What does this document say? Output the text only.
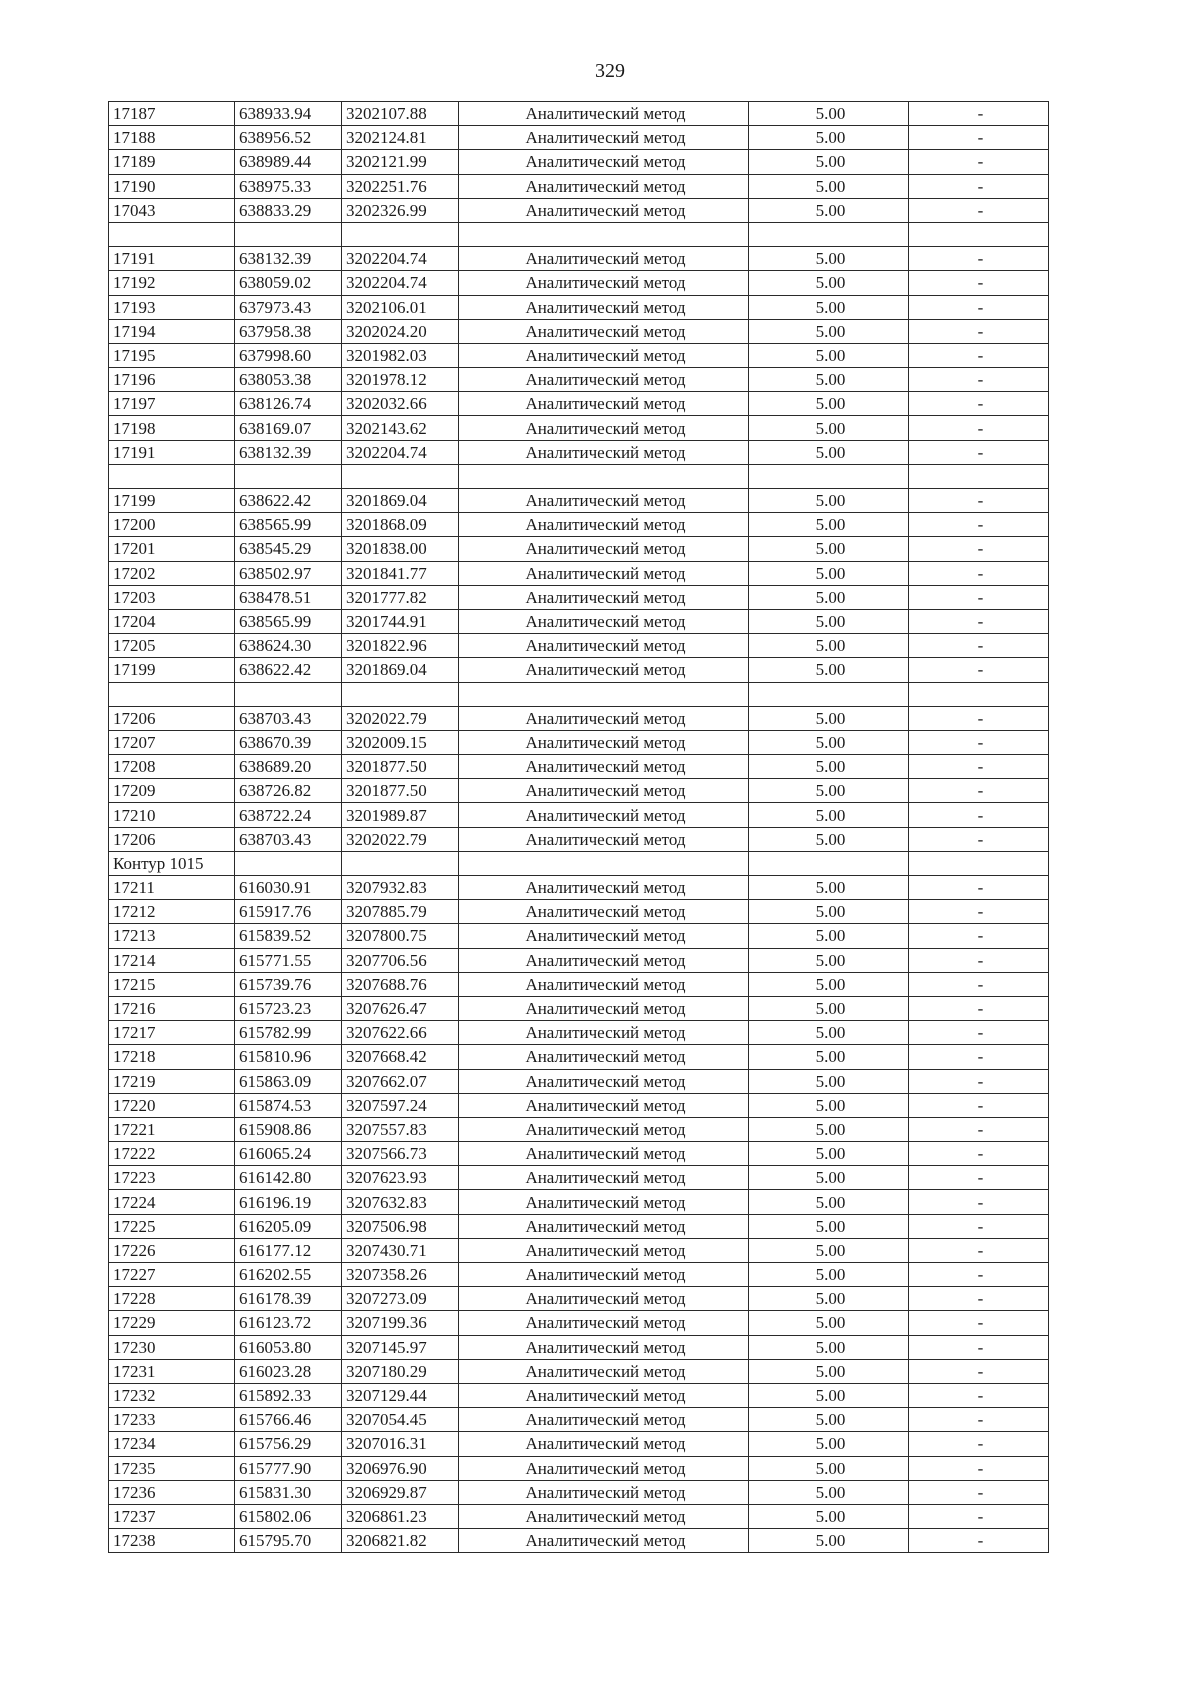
329
17187	638933.94	3202107.88	Аналитический метод	5.00	-
17188	638956.52	3202124.81	Аналитический метод	5.00	-
17189	638989.44	3202121.99	Аналитический метод	5.00	-
17190	638975.33	3202251.76	Аналитический метод	5.00	-
17043	638833.29	3202326.99	Аналитический метод	5.00	-

17191	638132.39	3202204.74	Аналитический метод	5.00	-
17192	638059.02	3202204.74	Аналитический метод	5.00	-
17193	637973.43	3202106.01	Аналитический метод	5.00	-
17194	637958.38	3202024.20	Аналитический метод	5.00	-
17195	637998.60	3201982.03	Аналитический метод	5.00	-
17196	638053.38	3201978.12	Аналитический метод	5.00	-
17197	638126.74	3202032.66	Аналитический метод	5.00	-
17198	638169.07	3202143.62	Аналитический метод	5.00	-
17191	638132.39	3202204.74	Аналитический метод	5.00	-

17199	638622.42	3201869.04	Аналитический метод	5.00	-
17200	638565.99	3201868.09	Аналитический метод	5.00	-
17201	638545.29	3201838.00	Аналитический метод	5.00	-
17202	638502.97	3201841.77	Аналитический метод	5.00	-
17203	638478.51	3201777.82	Аналитический метод	5.00	-
17204	638565.99	3201744.91	Аналитический метод	5.00	-
17205	638624.30	3201822.96	Аналитический метод	5.00	-
17199	638622.42	3201869.04	Аналитический метод	5.00	-

17206	638703.43	3202022.79	Аналитический метод	5.00	-
17207	638670.39	3202009.15	Аналитический метод	5.00	-
17208	638689.20	3201877.50	Аналитический метод	5.00	-
17209	638726.82	3201877.50	Аналитический метод	5.00	-
17210	638722.24	3201989.87	Аналитический метод	5.00	-
17206	638703.43	3202022.79	Аналитический метод	5.00	-
Контур 1015					
17211	616030.91	3207932.83	Аналитический метод	5.00	-
17212	615917.76	3207885.79	Аналитический метод	5.00	-
17213	615839.52	3207800.75	Аналитический метод	5.00	-
17214	615771.55	3207706.56	Аналитический метод	5.00	-
17215	615739.76	3207688.76	Аналитический метод	5.00	-
17216	615723.23	3207626.47	Аналитический метод	5.00	-
17217	615782.99	3207622.66	Аналитический метод	5.00	-
17218	615810.96	3207668.42	Аналитический метод	5.00	-
17219	615863.09	3207662.07	Аналитический метод	5.00	-
17220	615874.53	3207597.24	Аналитический метод	5.00	-
17221	615908.86	3207557.83	Аналитический метод	5.00	-
17222	616065.24	3207566.73	Аналитический метод	5.00	-
17223	616142.80	3207623.93	Аналитический метод	5.00	-
17224	616196.19	3207632.83	Аналитический метод	5.00	-
17225	616205.09	3207506.98	Аналитический метод	5.00	-
17226	616177.12	3207430.71	Аналитический метод	5.00	-
17227	616202.55	3207358.26	Аналитический метод	5.00	-
17228	616178.39	3207273.09	Аналитический метод	5.00	-
17229	616123.72	3207199.36	Аналитический метод	5.00	-
17230	616053.80	3207145.97	Аналитический метод	5.00	-
17231	616023.28	3207180.29	Аналитический метод	5.00	-
17232	615892.33	3207129.44	Аналитический метод	5.00	-
17233	615766.46	3207054.45	Аналитический метод	5.00	-
17234	615756.29	3207016.31	Аналитический метод	5.00	-
17235	615777.90	3206976.90	Аналитический метод	5.00	-
17236	615831.30	3206929.87	Аналитический метод	5.00	-
17237	615802.06	3206861.23	Аналитический метод	5.00	-
17238	615795.70	3206821.82	Аналитический метод	5.00	-
